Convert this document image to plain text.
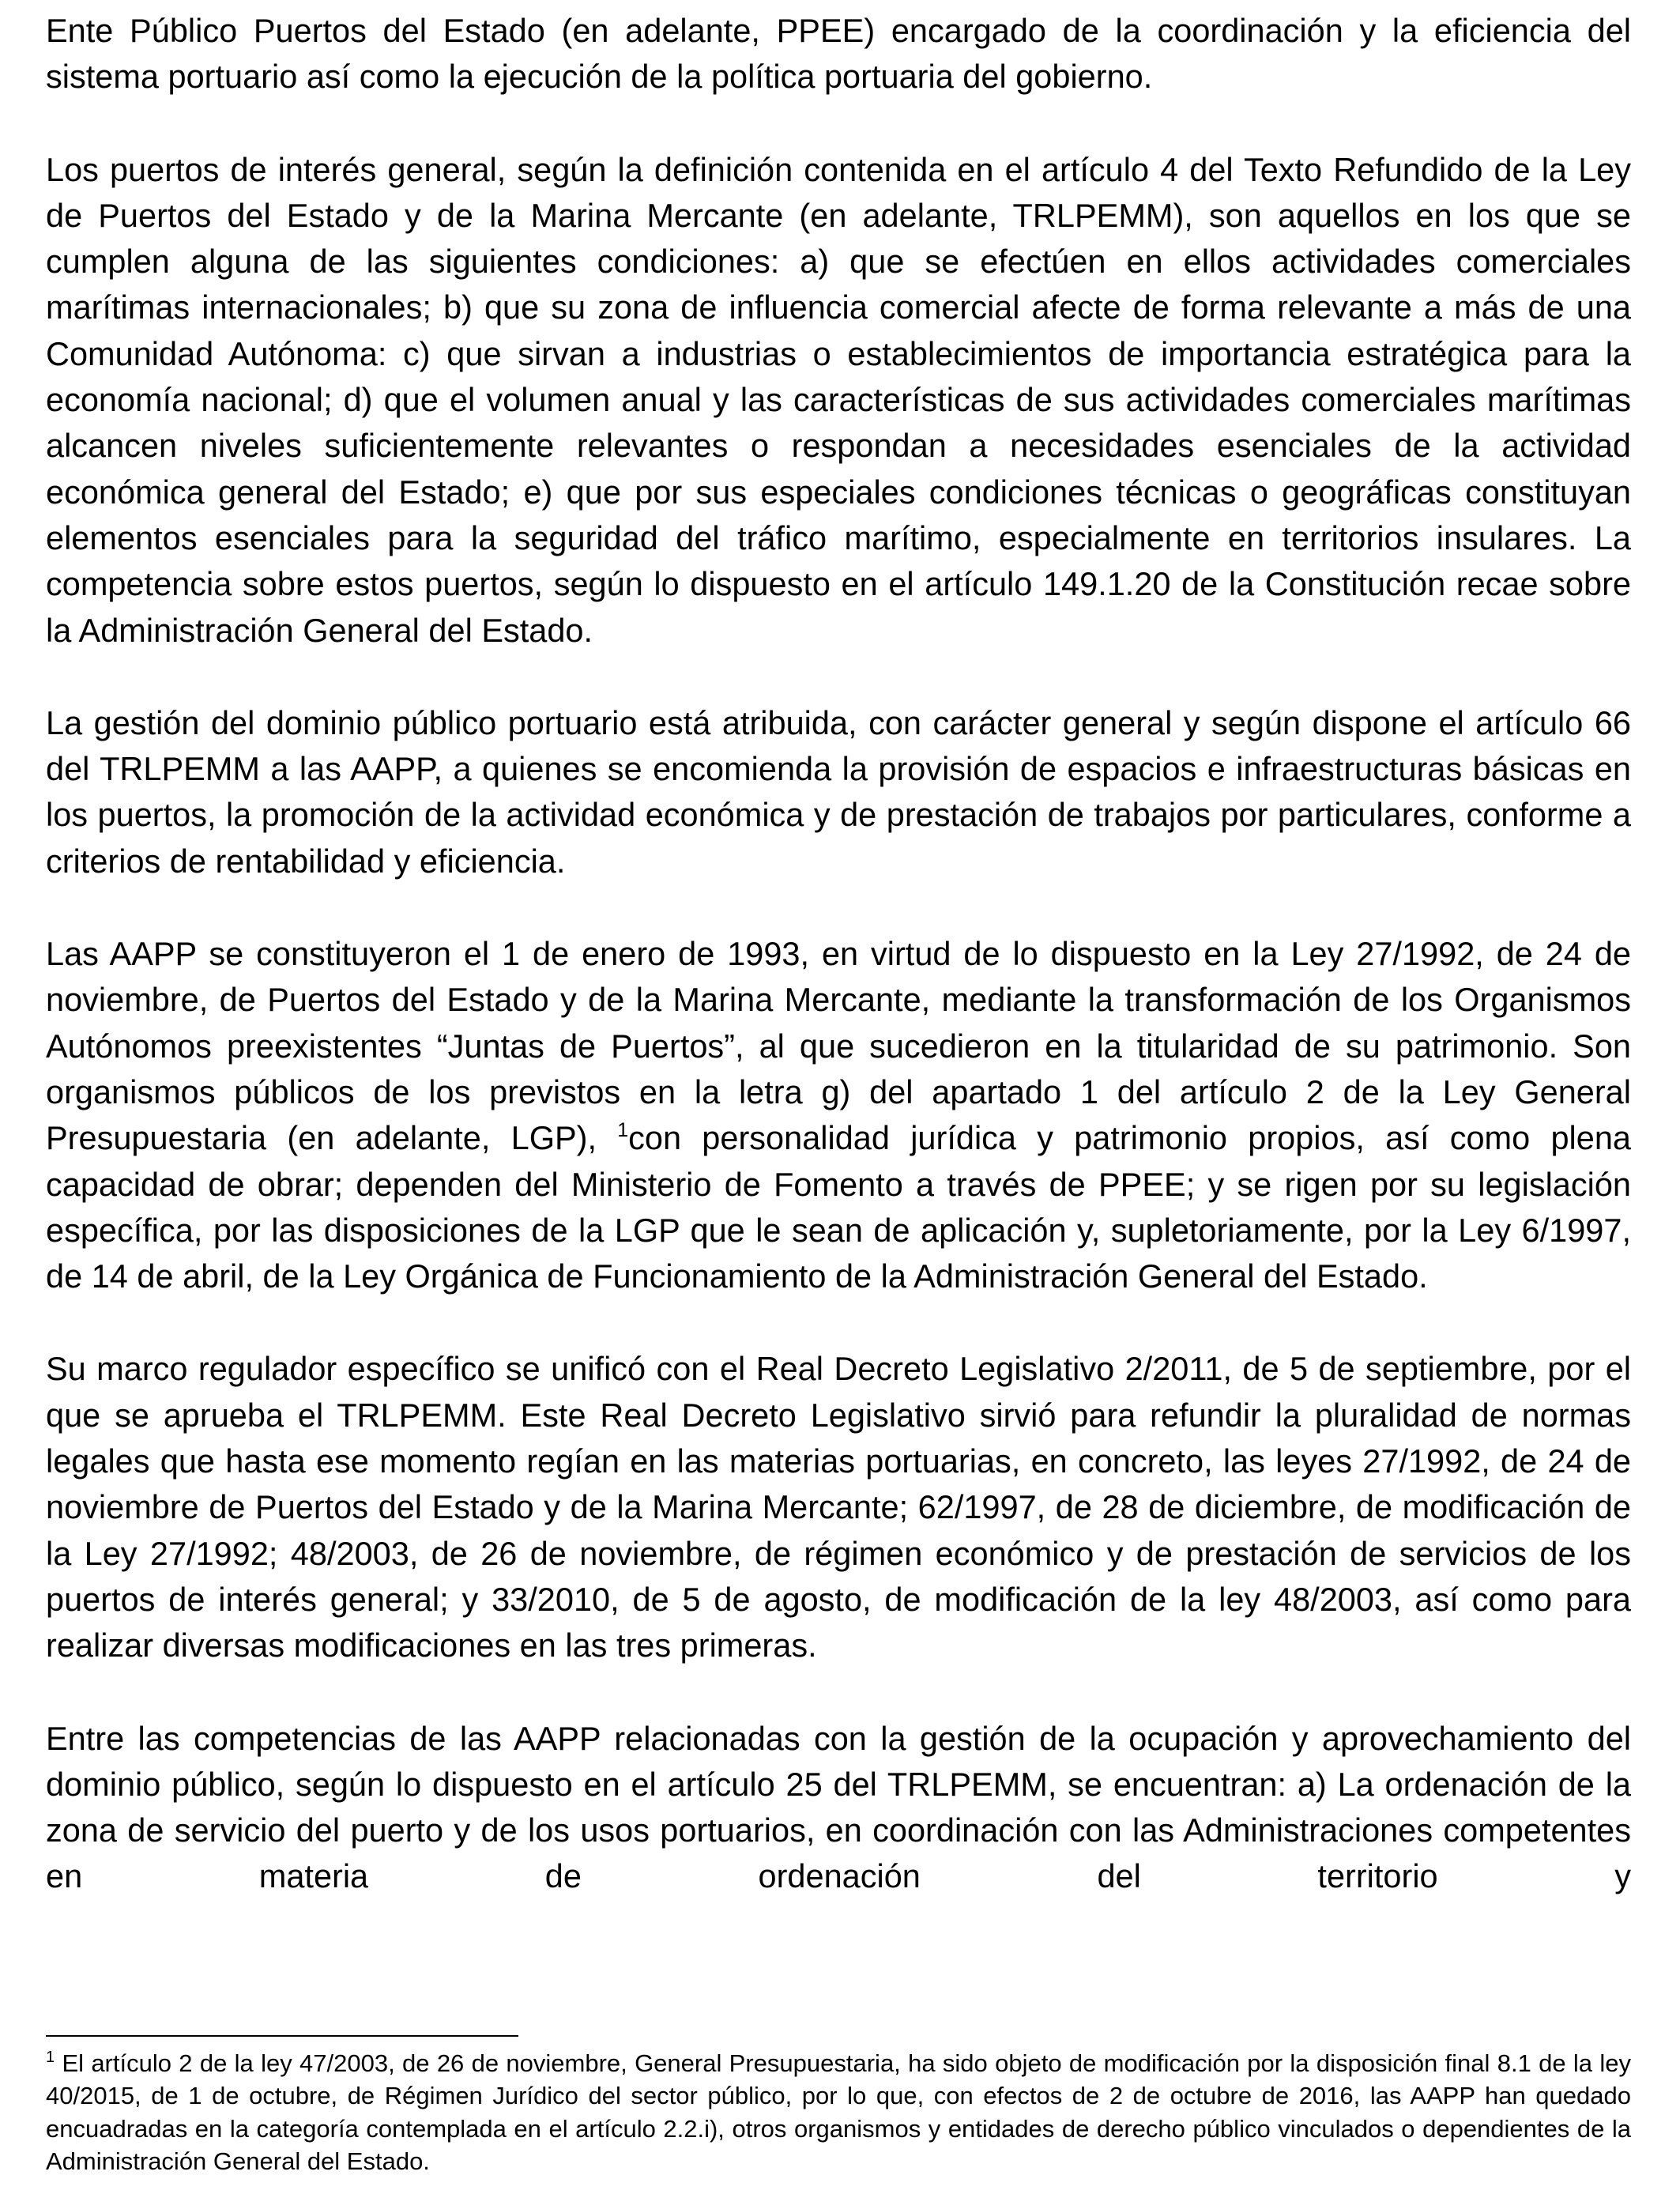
Ente Público Puertos del Estado (en adelante, PPEE) encargado de la coordinación y la eficiencia del sistema portuario así como la ejecución de la política portuaria del gobierno.

Los puertos de interés general, según la definición contenida en el artículo 4 del Texto Refundido de la Ley de Puertos del Estado y de la Marina Mercante (en adelante, TRLPEMM), son aquellos en los que se cumplen alguna de las siguientes condiciones: a) que se efectúen en ellos actividades comerciales marítimas internacionales; b) que su zona de influencia comercial afecte de forma relevante a más de una Comunidad Autónoma: c) que sirvan a industrias o establecimientos de importancia estratégica para la economía nacional; d) que el volumen anual y las características de sus actividades comerciales marítimas alcancen niveles suficientemente relevantes o respondan a necesidades esenciales de la actividad económica general del Estado; e) que por sus especiales condiciones técnicas o geográficas constituyan elementos esenciales para la seguridad del tráfico marítimo, especialmente en territorios insulares. La competencia sobre estos puertos, según lo dispuesto en el artículo 149.1.20 de la Constitución recae sobre la Administración General del Estado.

La gestión del dominio público portuario está atribuida, con carácter general y según dispone el artículo 66 del TRLPEMM a las AAPP, a quienes se encomienda la provisión de espacios e infraestructuras básicas en los puertos, la promoción de la actividad económica y de prestación de trabajos por particulares, conforme a criterios de rentabilidad y eficiencia.

Las AAPP se constituyeron el 1 de enero de 1993, en virtud de lo dispuesto en la Ley 27/1992, de 24 de noviembre, de Puertos del Estado y de la Marina Mercante, mediante la transformación de los Organismos Autónomos preexistentes “Juntas de Puertos”, al que sucedieron en la titularidad de su patrimonio. Son organismos públicos de los previstos en la letra g) del apartado 1 del artículo 2 de la Ley General Presupuestaria (en adelante, LGP), $^1$con personalidad jurídica y patrimonio propios, así como plena capacidad de obrar; dependen del Ministerio de Fomento a través de PPEE; y se rigen por su legislación específica, por las disposiciones de la LGP que le sean de aplicación y, supletoriamente, por la Ley 6/1997, de 14 de abril, de la Ley Orgánica de Funcionamiento de la Administración General del Estado.

Su marco regulador específico se unificó con el Real Decreto Legislativo 2/2011, de 5 de septiembre, por el que se aprueba el TRLPEMM. Este Real Decreto Legislativo sirvió para refundir la pluralidad de normas legales que hasta ese momento regían en las materias portuarias, en concreto, las leyes 27/1992, de 24 de noviembre de Puertos del Estado y de la Marina Mercante; 62/1997, de 28 de diciembre, de modificación de la Ley 27/1992; 48/2003, de 26 de noviembre, de régimen económico y de prestación de servicios de los puertos de interés general; y 33/2010, de 5 de agosto, de modificación de la ley 48/2003, así como para realizar diversas modificaciones en las tres primeras.

Entre las competencias de las AAPP relacionadas con la gestión de la ocupación y aprovechamiento del dominio público, según lo dispuesto en el artículo 25 del TRLPEMM, se encuentran: a) La ordenación de la zona de servicio del puerto y de los usos portuarios, en coordinación con las Administraciones competentes en materia de ordenación del territorio y

$^1$ El artículo 2 de la ley 47/2003, de 26 de noviembre, General Presupuestaria, ha sido objeto de modificación por la disposición final 8.1 de la ley 40/2015, de 1 de octubre, de Régimen Jurídico del sector público, por lo que, con efectos de 2 de octubre de 2016, las AAPP han quedado encuadradas en la categoría contemplada en el artículo 2.2.i), otros organismos y entidades de derecho público vinculados o dependientes de la Administración General del Estado.
